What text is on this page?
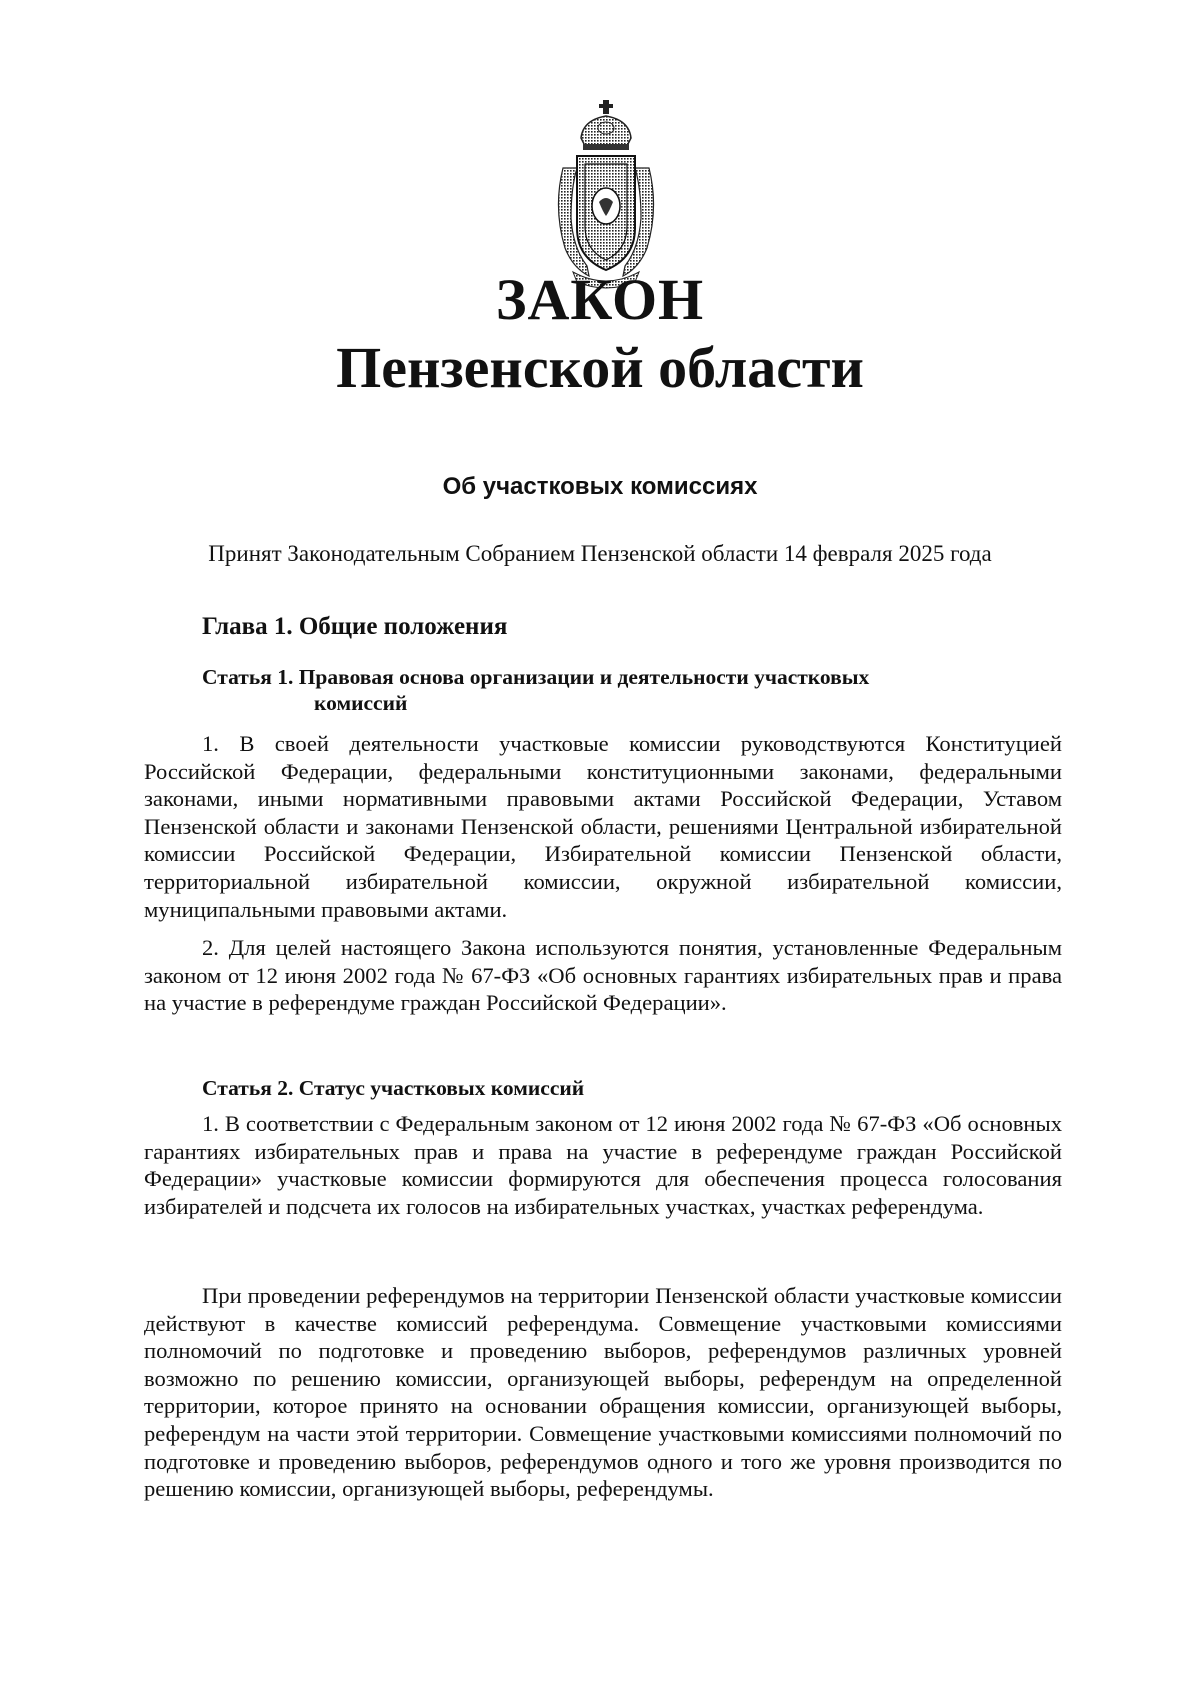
ЗАКОН
Пензенской области
Об участковых комиссиях
Принят Законодательным Собранием Пензенской области 14 февраля 2025 года
Глава 1. Общие положения
Статья 1. Правовая основа организации и деятельности участковых
комиссий
1. В своей деятельности участковые комиссии руководствуются Конституцией Российской Федерации, федеральными конституционными законами, федеральными законами, иными нормативными правовыми актами Российской Федерации, Уставом Пензенской области и законами Пензенской области, решениями Центральной избирательной комиссии Российской Федерации, Избирательной комиссии Пензенской области, территориальной избирательной комиссии, окружной избирательной комиссии, муниципальными правовыми актами.
2. Для целей настоящего Закона используются понятия, установленные Федеральным законом от 12 июня 2002 года № 67-ФЗ «Об основных гарантиях избирательных прав и права на участие в референдуме граждан Российской Федерации».
Статья 2. Статус участковых комиссий
1. В соответствии с Федеральным законом от 12 июня 2002 года № 67-ФЗ «Об основных гарантиях избирательных прав и права на участие в референдуме граждан Российской Федерации» участковые комиссии формируются для обеспечения процесса голосования избирателей и подсчета их голосов на избирательных участках, участках референдума.
При проведении референдумов на территории Пензенской области участковые комиссии действуют в качестве комиссий референдума. Совмещение участковыми комиссиями полномочий по подготовке и проведению выборов, референдумов различных уровней возможно по решению комиссии, организующей выборы, референдум на определенной территории, которое принято на основании обращения комиссии, организующей выборы, референдум на части этой территории. Совмещение участковыми комиссиями полномочий по подготовке и проведению выборов, референдумов одного и того же уровня производится по решению комиссии, организующей выборы, референдумы.
